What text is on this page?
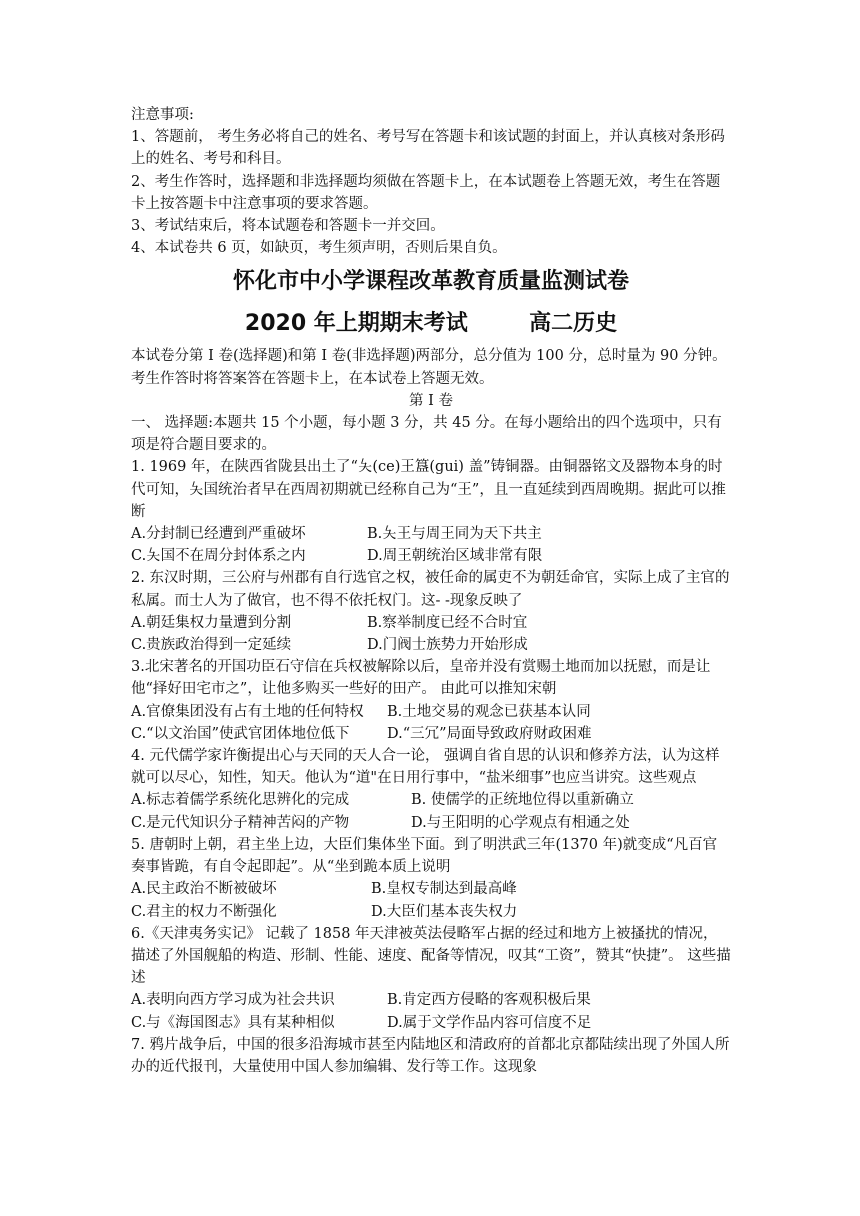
注意事项:

1、答题前， 考生务必将自己的姓名、考号写在答题卡和该试题的封面上，并认真核对条形码上的姓名、考号和科目。

2、考生作答时，选择题和非选择题均须做在答题卡上，在本试题卷上答题无效，考生在答题卡上按答题卡中注意事项的要求答题。

3、考试结束后，将本试题卷和答题卡一并交回。

4、本试卷共 6 页，如缺页，考生须声明，否则后果自负。

怀化市中小学课程改革教育质量监测试卷

2020 年上期期末考试        高二历史

本试卷分第 I 卷(选择题)和第 I 卷(非选择题)两部分，总分值为 100 分，总时量为 90 分钟。考生作答时将答案答在答题卡上，在本试卷上答题无效。

第 I 卷

一、 选择题:本题共 15 个小题，每小题 3 分，共 45 分。在每小题给出的四个选项中，只有项是符合题目要求的。

1. 1969 年，在陕西省陇县出土了“夨(ce)王簋(gui) 盖”铸铜器。由铜器铭文及器物本身的时代可知，夨国统治者早在西周初期就已经称自己为“王”，且一直延续到西周晚期。据此可以推断

A.分封制已经遭到严重破坏	B.夨王与周王同为天下共主
C.夨国不在周分封体系之内	D.周王朝统治区域非常有限

2. 东汉时期，三公府与州郡有自行选官之权，被任命的属吏不为朝廷命官，实际上成了主官的私属。而士人为了做官，也不得不依托权门。这- -现象反映了

A.朝廷集权力量遭到分割	B.察举制度已经不合时宜
C.贵族政治得到一定延续	D.门阀士族势力开始形成

3.北宋著名的开国功臣石守信在兵权被解除以后，皇帝并没有赏赐土地而加以抚慰，而是让他“择好田宅市之”，让他多购买一些好的田产。 由此可以推知宋朝

A.官僚集团没有占有土地的任何特权	B.土地交易的观念已获基本认同
C.“以文治国”使武官团体地位低下	D.“三冗”局面导致政府财政困难

4. 元代儒学家许衡提出心与天同的天人合一论， 强调自省自思的认识和修养方法，认为这样就可以尽心，知性，知天。他认为“道"在日用行事中，“盐米细事”也应当讲究。这些观点

A.标志着儒学系统化思辨化的完成	B. 使儒学的正统地位得以重新确立
C.是元代知识分子精神苦闷的产物	D.与王阳明的心学观点有相通之处

5. 唐朝时上朝，君主坐上边，大臣们集体坐下面。到了明洪武三年(1370 年)就变成“凡百官奏事皆跪，有自令起即起”。从“坐到跪本质上说明

A.民主政治不断被破坏	B.皇权专制达到最高峰
C.君主的权力不断强化	D.大臣们基本丧失权力

6.《天津夷务实记》 记载了 1858 年天津被英法侵略军占据的经过和地方上被搔扰的情况，描述了外国舰船的构造、形制、性能、速度、配备等情况，叹其“工资”，赞其“快捷”。 这些描述

A.表明向西方学习成为社会共识	B.肯定西方侵略的客观积极后果
C.与《海国图志》具有某种相似	D.属于文学作品内容可信度不足

7. 鸦片战争后，中国的很多沿海城市甚至内陆地区和清政府的首都北京都陆续出现了外国人所办的近代报刊，大量使用中国人参加编辑、发行等工作。这现象
